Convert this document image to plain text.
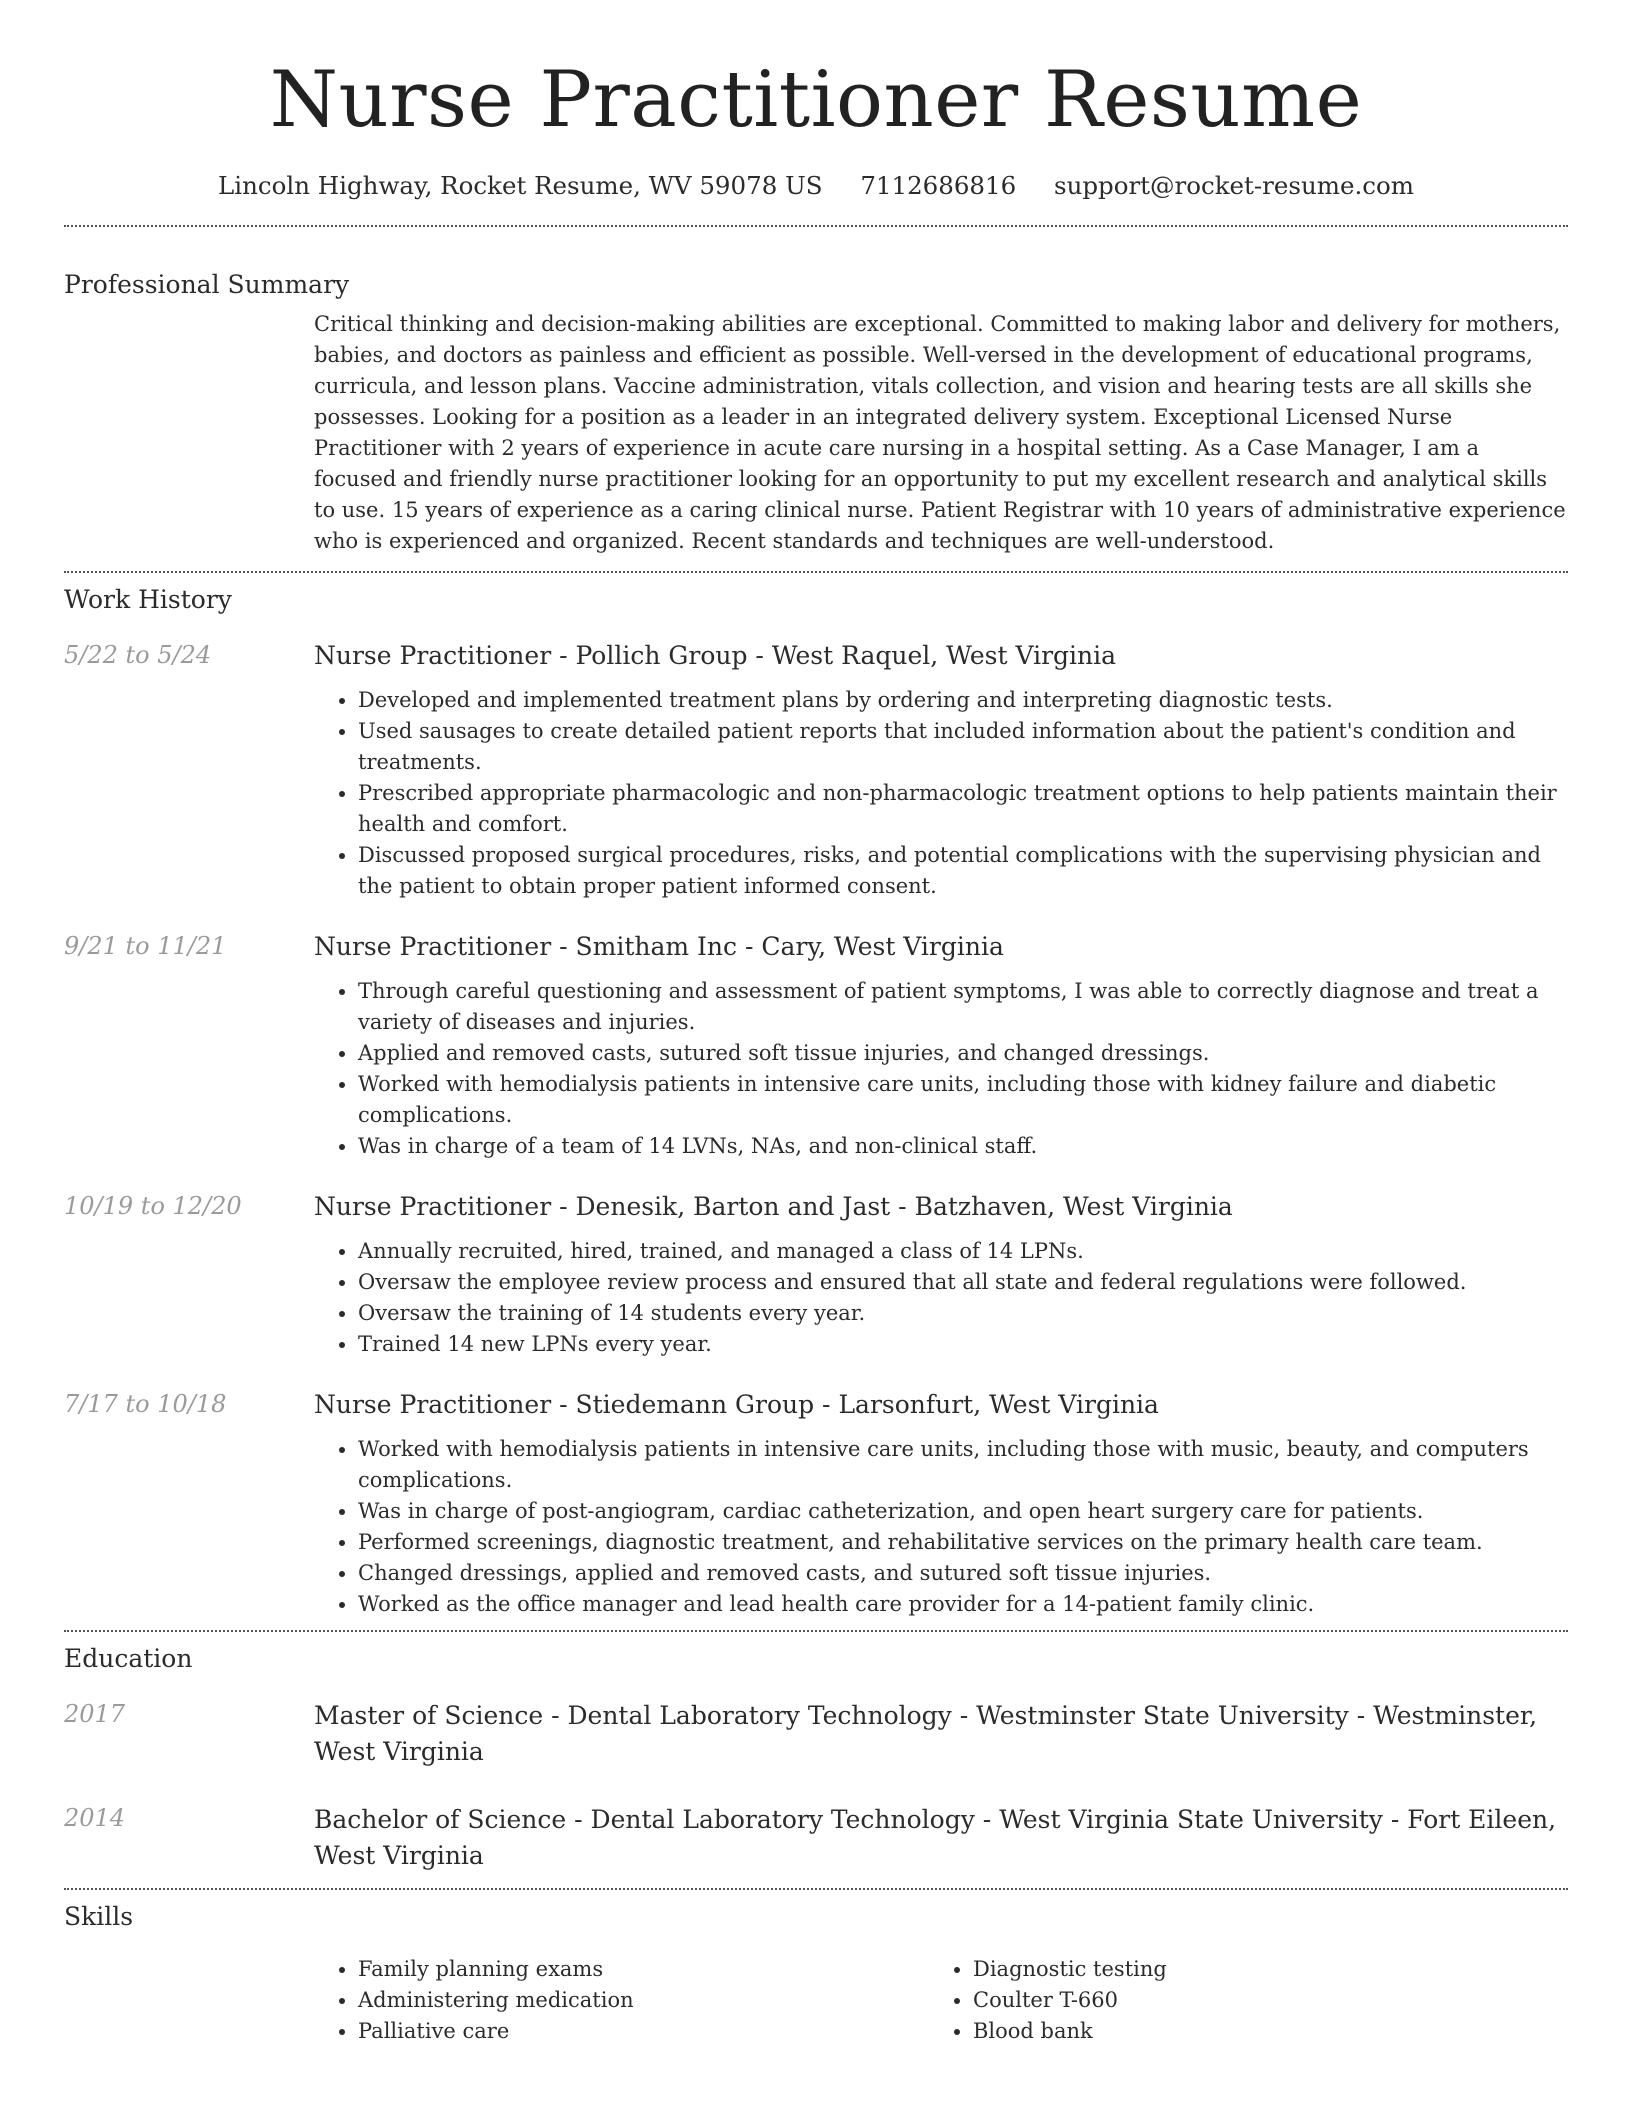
Nurse Practitioner Resume
Lincoln Highway, Rocket Resume, WV 59078 US 7112686816 support@rocket-resume.com
Professional Summary

Critical thinking and decision-making abilities are exceptional. Committed to making labor and delivery for mothers, babies, and doctors as painless and efficient as possible. Well-versed in the development of educational programs, curricula, and lesson plans. Vaccine administration, vitals collection, and vision and hearing tests are all skills she possesses. Looking for a position as a leader in an integrated delivery system. Exceptional Licensed Nurse Practitioner with 2 years of experience in acute care nursing in a hospital setting. As a Case Manager, I am a focused and friendly nurse practitioner looking for an opportunity to put my excellent research and analytical skills to use. 15 years of experience as a caring clinical nurse. Patient Registrar with 10 years of administrative experience who is experienced and organized. Recent standards and techniques are well-understood.

Work History
5/22 to 5/24	Nurse Practitioner - Pollich Group - West Raquel, West Virginia
• Developed and implemented treatment plans by ordering and interpreting diagnostic tests.
• Used sausages to create detailed patient reports that included information about the patient's condition and treatments.
• Prescribed appropriate pharmacologic and non-pharmacologic treatment options to help patients maintain their health and comfort.
• Discussed proposed surgical procedures, risks, and potential complications with the supervising physician and the patient to obtain proper patient informed consent.
9/21 to 11/21	Nurse Practitioner - Smitham Inc - Cary, West Virginia
• Through careful questioning and assessment of patient symptoms, I was able to correctly diagnose and treat a variety of diseases and injuries.
• Applied and removed casts, sutured soft tissue injuries, and changed dressings.
• Worked with hemodialysis patients in intensive care units, including those with kidney failure and diabetic complications.
• Was in charge of a team of 14 LVNs, NAs, and non-clinical staff.
10/19 to 12/20	Nurse Practitioner - Denesik, Barton and Jast - Batzhaven, West Virginia
• Annually recruited, hired, trained, and managed a class of 14 LPNs.
• Oversaw the employee review process and ensured that all state and federal regulations were followed.
• Oversaw the training of 14 students every year.
• Trained 14 new LPNs every year.
7/17 to 10/18	Nurse Practitioner - Stiedemann Group - Larsonfurt, West Virginia
• Worked with hemodialysis patients in intensive care units, including those with music, beauty, and computers complications.
• Was in charge of post-angiogram, cardiac catheterization, and open heart surgery care for patients.
• Performed screenings, diagnostic treatment, and rehabilitative services on the primary health care team.
• Changed dressings, applied and removed casts, and sutured soft tissue injuries.
• Worked as the office manager and lead health care provider for a 14-patient family clinic.
Education
2017	Master of Science - Dental Laboratory Technology - Westminster State University - Westminster, West Virginia
2014	Bachelor of Science - Dental Laboratory Technology - West Virginia State University - Fort Eileen, West Virginia
Skills
• Family planning exams
• Administering medication
• Palliative care
• Diagnostic testing
• Coulter T-660
• Blood bank
